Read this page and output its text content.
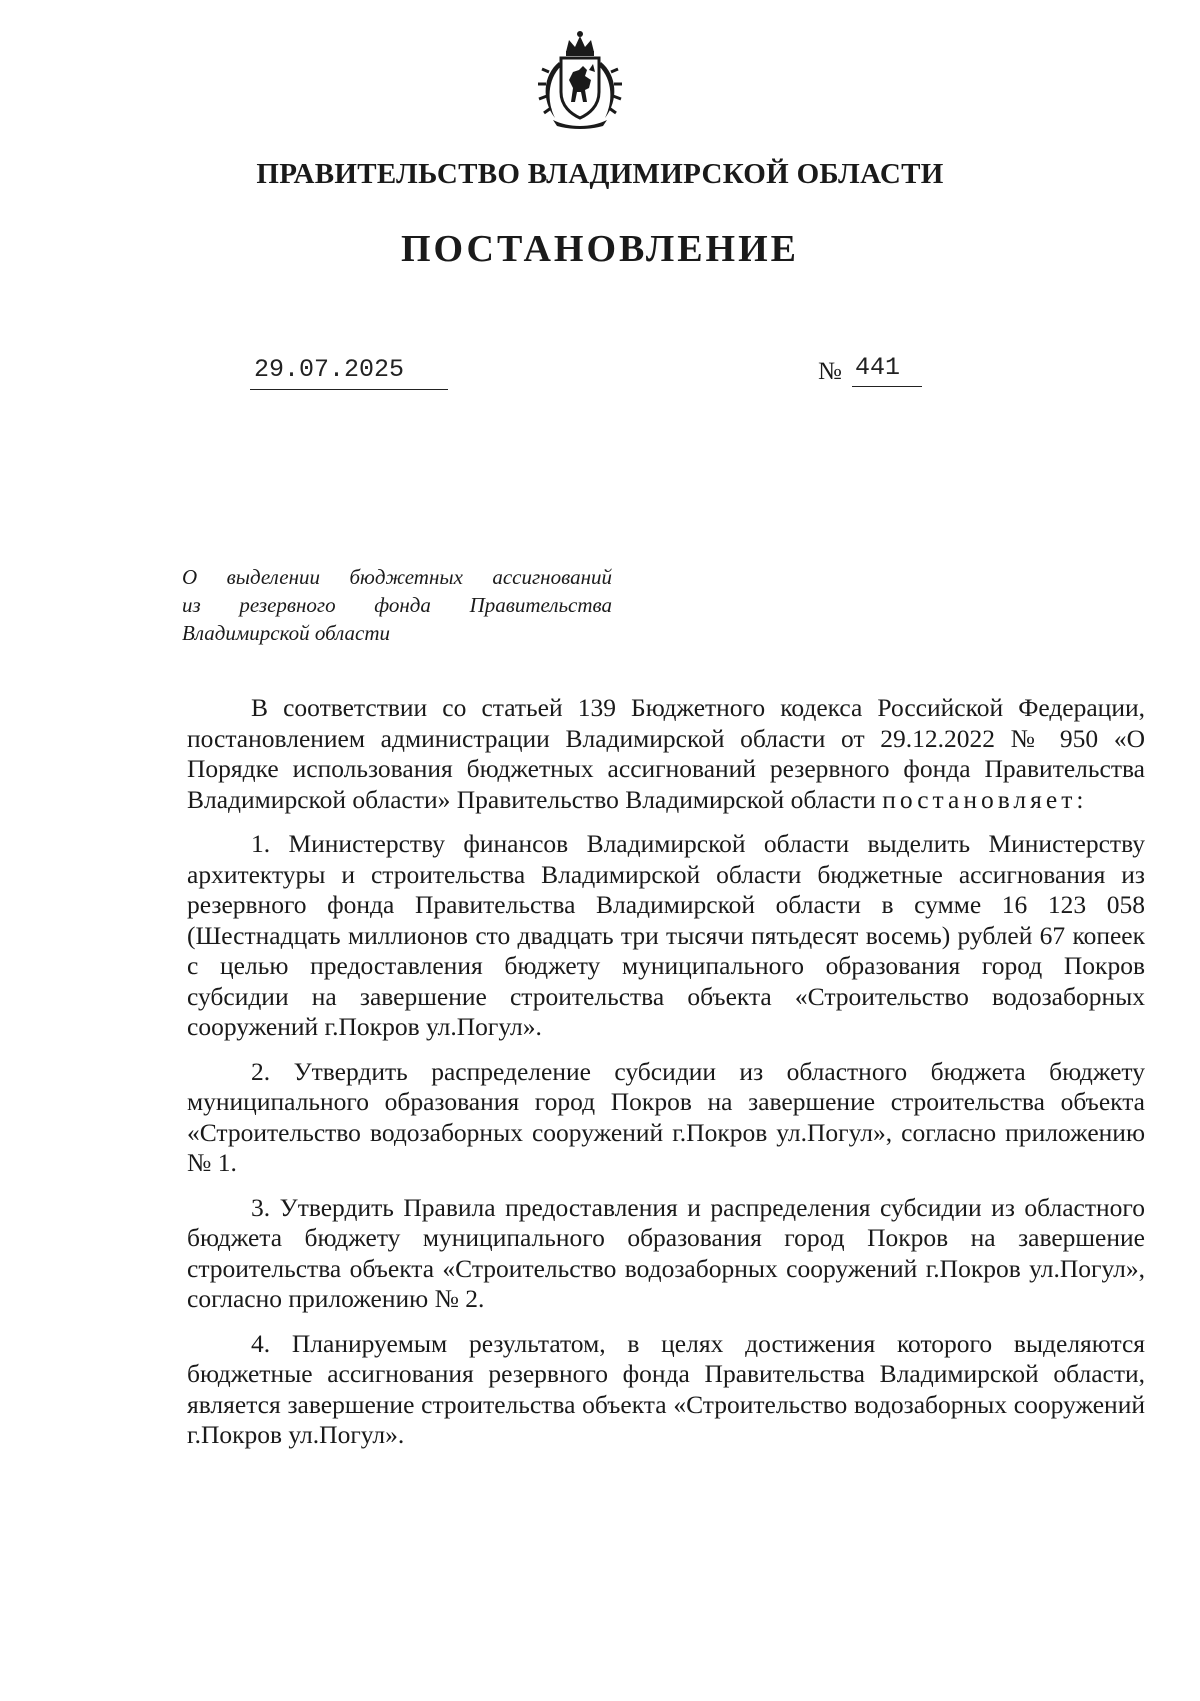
ПРАВИТЕЛЬСТВО ВЛАДИМИРСКОЙ ОБЛАСТИ
ПОСТАНОВЛЕНИЕ
29.07.2025	№ 441
О выделении бюджетных ассигнований
из резервного фонда Правительства
Владимирской области

В соответствии со статьей 139 Бюджетного кодекса Российской Федерации, постановлением администрации Владимирской области от 29.12.2022 № 950 «О Порядке использования бюджетных ассигнований резервного фонда Правительства Владимирской области» Правительство Владимирской области постановляет:

1. Министерству финансов Владимирской области выделить Министерству архитектуры и строительства Владимирской области бюджетные ассигнования из резервного фонда Правительства Владимирской области в сумме 16 123 058 (Шестнадцать миллионов сто двадцать три тысячи пятьдесят восемь) рублей 67 копеек с целью предоставления бюджету муниципального образования город Покров субсидии на завершение строительства объекта «Строительство водозаборных сооружений г.Покров ул.Погул».

2. Утвердить распределение субсидии из областного бюджета бюджету муниципального образования город Покров на завершение строительства объекта «Строительство водозаборных сооружений г.Покров ул.Погул», согласно приложению № 1.

3. Утвердить Правила предоставления и распределения субсидии из областного бюджета бюджету муниципального образования город Покров на завершение строительства объекта «Строительство водозаборных сооружений г.Покров ул.Погул», согласно приложению № 2.

4. Планируемым результатом, в целях достижения которого выделяются бюджетные ассигнования резервного фонда Правительства Владимирской области, является завершение строительства объекта «Строительство водозаборных сооружений г.Покров ул.Погул».
